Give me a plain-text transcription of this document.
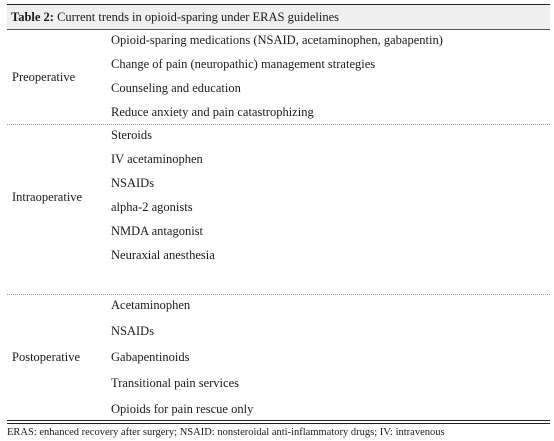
Table 2: Current trends in opioid-sparing under ERAS guidelines
Preoperative
Opioid-sparing medications (NSAID, acetaminophen, gabapentin)
Change of pain (neuropathic) management strategies
Counseling and education
Reduce anxiety and pain catastrophizing
Intraoperative
Steroids
IV acetaminophen
NSAIDs
alpha-2 agonists
NMDA antagonist
Neuraxial anesthesia
Postoperative
Acetaminophen
NSAIDs
Gabapentinoids
Transitional pain services
Opioids for pain rescue only
ERAS: enhanced recovery after surgery; NSAID: nonsteroidal anti-inflammatory drugs; IV: intravenous
